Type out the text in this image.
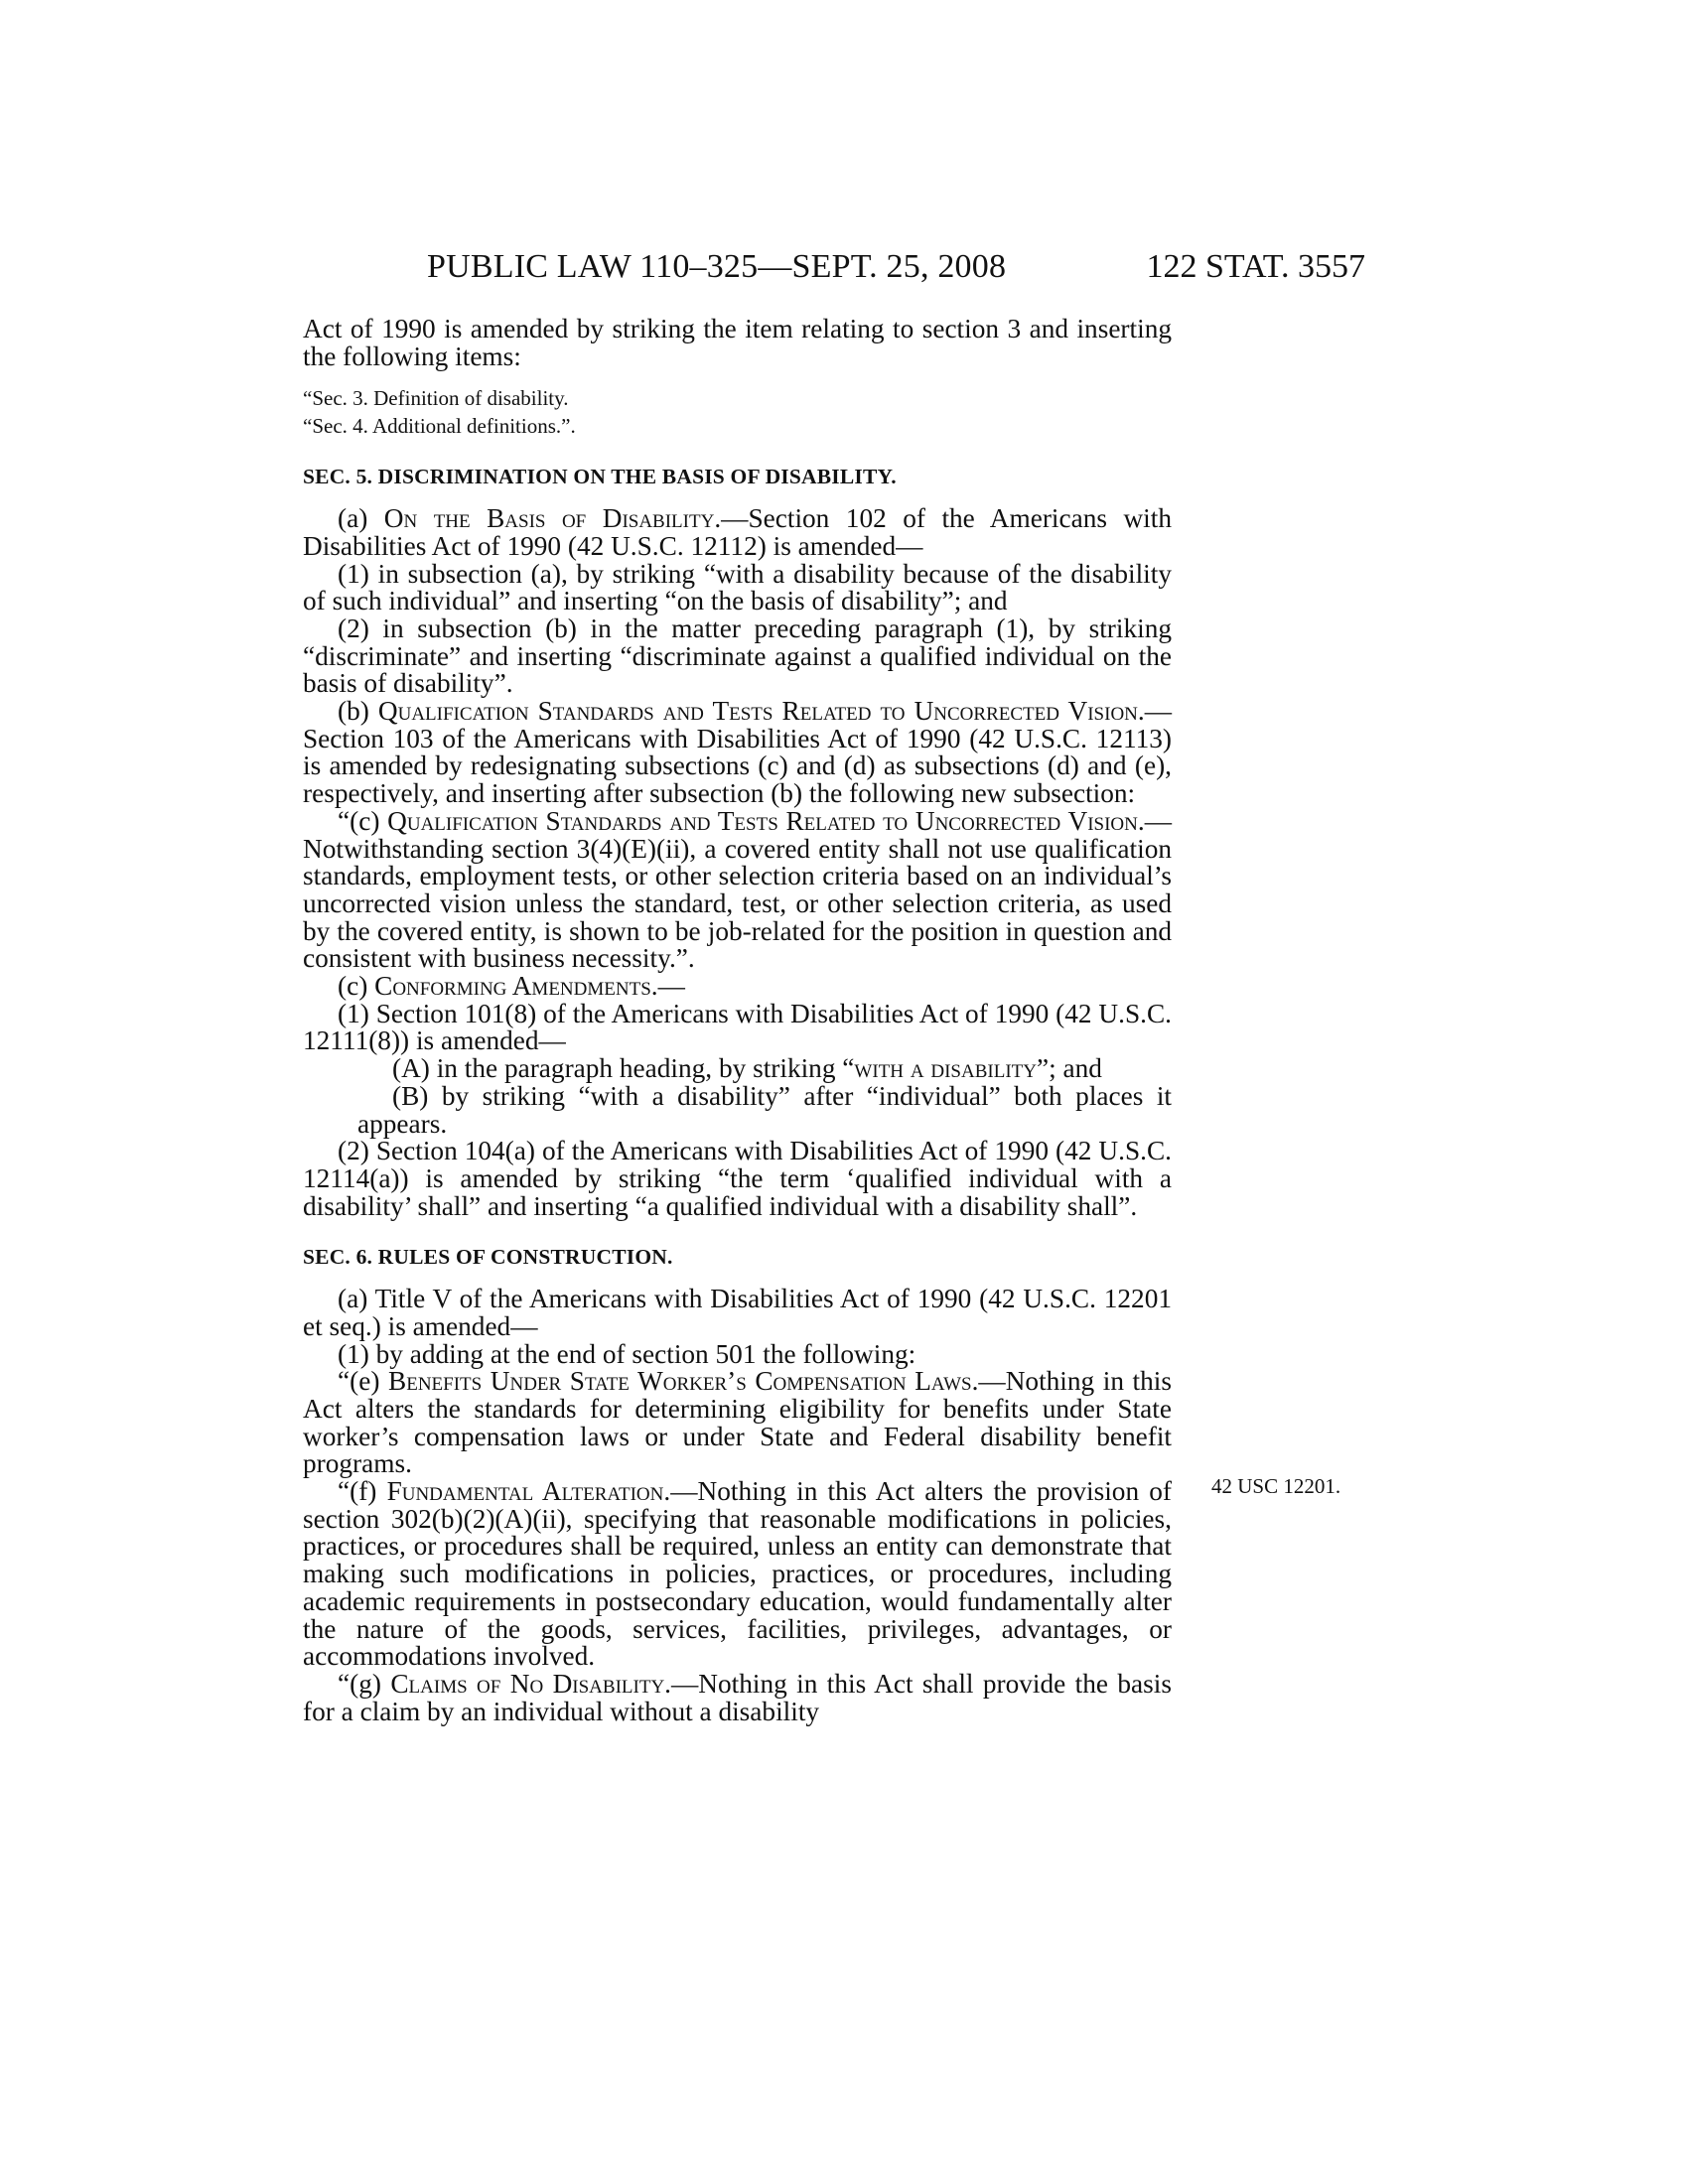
PUBLIC LAW 110–325—SEPT. 25, 2008	122 STAT. 3557

Act of 1990 is amended by striking the item relating to section 3 and inserting the following items:

“Sec. 3. Definition of disability.
“Sec. 4. Additional definitions.”.
SEC. 5. DISCRIMINATION ON THE BASIS OF DISABILITY.

(a) On the Basis of Disability.—Section 102 of the Americans with Disabilities Act of 1990 (42 U.S.C. 12112) is amended—

(1) in subsection (a), by striking “with a disability because of the disability of such individual” and inserting “on the basis of disability”; and

(2) in subsection (b) in the matter preceding paragraph (1), by striking “discriminate” and inserting “discriminate against a qualified individual on the basis of disability”.

(b) Qualification Standards and Tests Related to Uncorrected Vision.—Section 103 of the Americans with Disabilities Act of 1990 (42 U.S.C. 12113) is amended by redesignating subsections (c) and (d) as subsections (d) and (e), respectively, and inserting after subsection (b) the following new subsection:

“(c) Qualification Standards and Tests Related to Uncorrected Vision.—Notwithstanding section 3(4)(E)(ii), a covered entity shall not use qualification standards, employment tests, or other selection criteria based on an individual’s uncorrected vision unless the standard, test, or other selection criteria, as used by the covered entity, is shown to be job-related for the position in question and consistent with business necessity.”.

(c) Conforming Amendments.—

(1) Section 101(8) of the Americans with Disabilities Act of 1990 (42 U.S.C. 12111(8)) is amended—

(A) in the paragraph heading, by striking “with a disability”; and

(B) by striking “with a disability” after “individual” both places it appears.

(2) Section 104(a) of the Americans with Disabilities Act of 1990 (42 U.S.C. 12114(a)) is amended by striking “the term ‘qualified individual with a disability’ shall” and inserting “a qualified individual with a disability shall”.

SEC. 6. RULES OF CONSTRUCTION.

(a) Title V of the Americans with Disabilities Act of 1990 (42 U.S.C. 12201 et seq.) is amended—

(1) by adding at the end of section 501 the following:

“(e) Benefits Under State Worker’s Compensation Laws.—Nothing in this Act alters the standards for determining eligibility for benefits under State worker’s compensation laws or under State and Federal disability benefit programs.

“(f) Fundamental Alteration.—Nothing in this Act alters the provision of section 302(b)(2)(A)(ii), specifying that reasonable modifications in policies, practices, or procedures shall be required, unless an entity can demonstrate that making such modifications in policies, practices, or procedures, including academic requirements in postsecondary education, would fundamentally alter the nature of the goods, services, facilities, privileges, advantages, or accommodations involved.

“(g) Claims of No Disability.—Nothing in this Act shall provide the basis for a claim by an individual without a disability

42 USC 12201.
